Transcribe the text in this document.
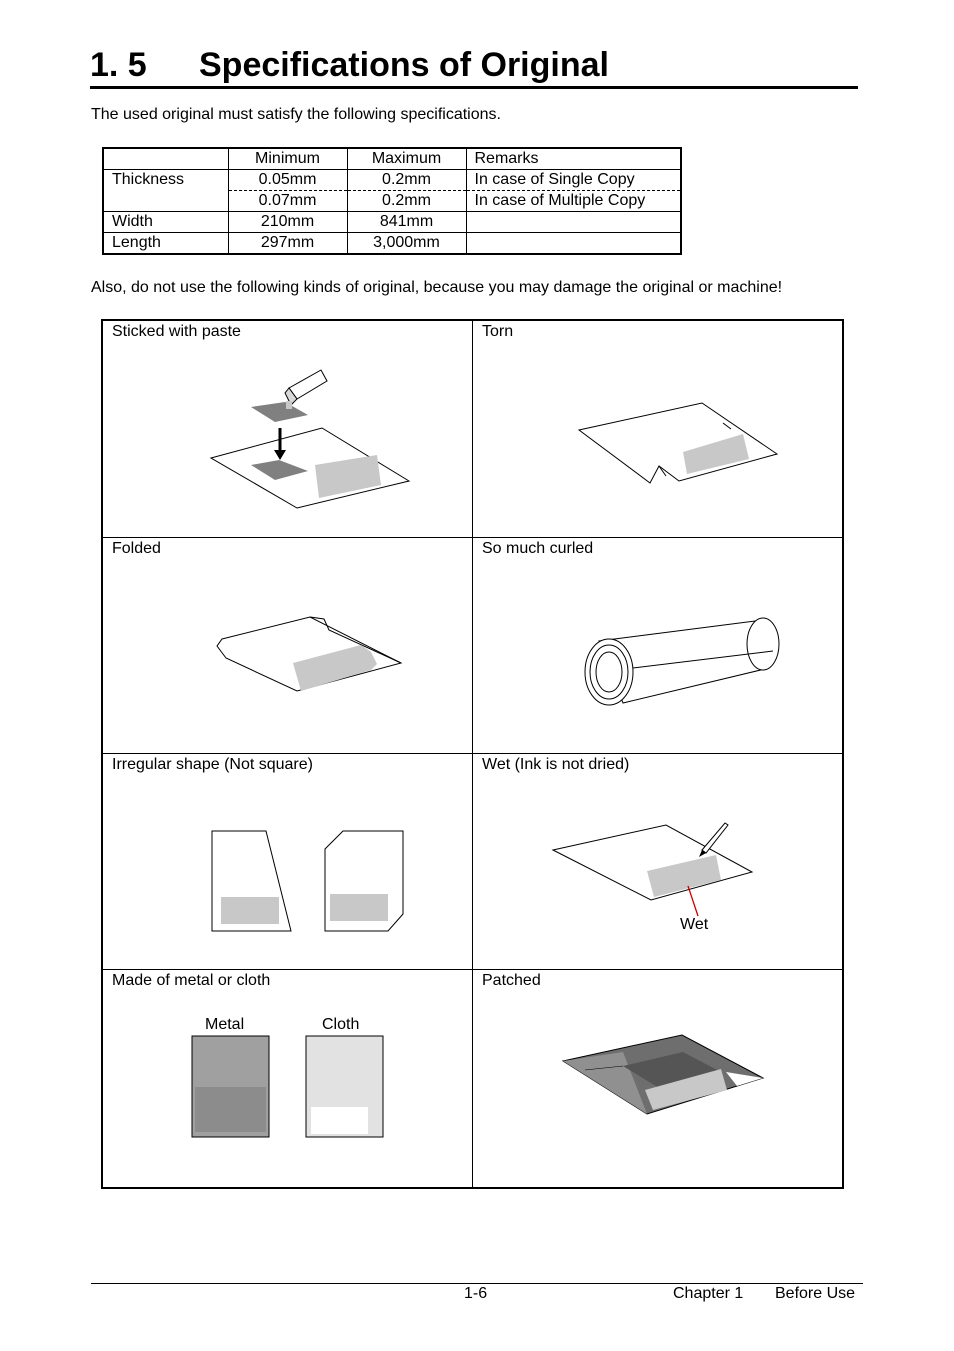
1. 5 Specifications of Original
The used original must satisfy the following specifications.
	Minimum	Maximum	Remarks
Thickness	0.05mm	0.2mm	In case of Single Copy
	0.07mm	0.2mm	In case of Multiple Copy
Width	210mm	841mm	
Length	297mm	3,000mm	
Also, do not use the following kinds of original, because you may damage the original or machine!
Sticked with paste	Torn
Folded	So much curled
Irregular shape (Not square)	Wet (Ink is not dried)
Wet
Made of metal or cloth
Metal	Cloth
Patched
1-6	Chapter 1 Before Use
